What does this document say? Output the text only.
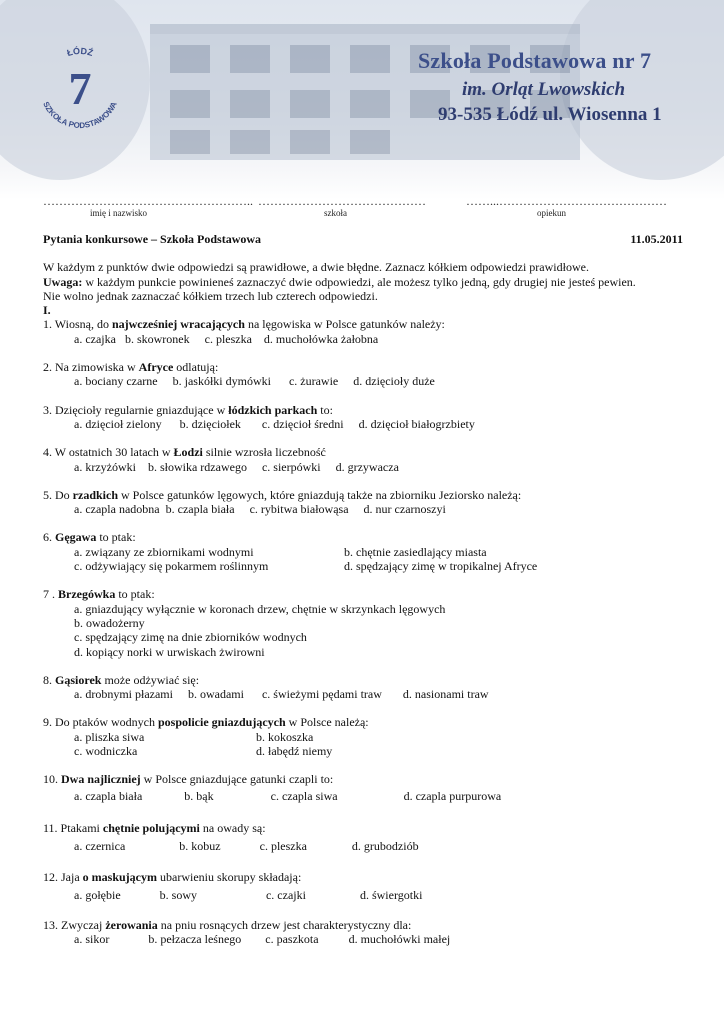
ŁÓDŹ
SZKOŁA PODSTAWOWA
7
Szkoła Podstawowa nr 7
im. Orląt Lwowskich
93-535 Łódź ul. Wiosenna 1
…………………………………………….. ……………………………………	……...……………………………………
imię i nazwisko	szkoła	opiekun
Pytania konkursowe – Szkoła Podstawowa	11.05.2011

W każdym z punktów dwie odpowiedzi są prawidłowe, a dwie błędne. Zaznacz kółkiem odpowiedzi prawidłowe.

Uwaga: w każdym punkcie powinieneś zaznaczyć dwie odpowiedzi, ale możesz tylko jedną, gdy drugiej nie jesteś pewien.

Nie wolno jednak zaznaczać kółkiem trzech lub czterech odpowiedzi.

I.

1. Wiosną, do najwcześniej wracających na lęgowiska w Polsce gatunków należy:

a. czajka   b. skowronek     c. pleszka    d. muchołówka żałobna

2. Na zimowiska w Afryce odlatują:

a. bociany czarne     b. jaskółki dymówki      c. żurawie     d. dzięcioły duże

3. Dzięcioły regularnie gniazdujące w łódzkich parkach to:

a. dzięcioł zielony      b. dzięciołek       c. dzięcioł średni     d. dzięcioł białogrzbiety

4. W ostatnich 30 latach w Łodzi silnie wzrosła liczebność

a. krzyżówki    b. słowika rdzawego     c. sierpówki     d. grzywacza

5. Do rzadkich w Polsce gatunków lęgowych, które gniazdują także na zbiorniku Jeziorsko należą:

a. czapla nadobna  b. czapla biała     c. rybitwa białowąsa     d. nur czarnoszyi

6. Gęgawa to ptak:

a. związany ze zbiornikami wodnymi	b. chętnie zasiedlający miasta
c. odżywiający się pokarmem roślinnym	d. spędzający zimę w tropikalnej Afryce

7 . Brzegówka to ptak:

a. gniazdujący wyłącznie w koronach drzew, chętnie w skrzynkach lęgowych
b. owadożerny
c. spędzający zimę na dnie zbiorników wodnych
d. kopiący norki w urwiskach żwirowni

8. Gąsiorek może odżywiać się:

a. drobnymi płazami     b. owadami      c. świeżymi pędami traw       d. nasionami traw

9. Do ptaków wodnych pospolicie gniazdujących w Polsce należą:

a. pliszka siwa	b. kokoszka
c. wodniczka	d. łabędź niemy

10. Dwa najliczniej w Polsce gniazdujące gatunki czapli to:

a. czapla biała              b. bąk                   c. czapla siwa                      d. czapla purpurowa

11. Ptakami chętnie polującymi na owady są:

a. czernica                  b. kobuz             c. pleszka               d. grubodziób

12. Jaja o maskującym ubarwieniu skorupy składają:

a. gołębie             b. sowy                       c. czajki                  d. świergotki

13. Zwyczaj żerowania na pniu rosnących drzew jest charakterystyczny dla:

a. sikor             b. pełzacza leśnego        c. paszkota          d. muchołówki małej
